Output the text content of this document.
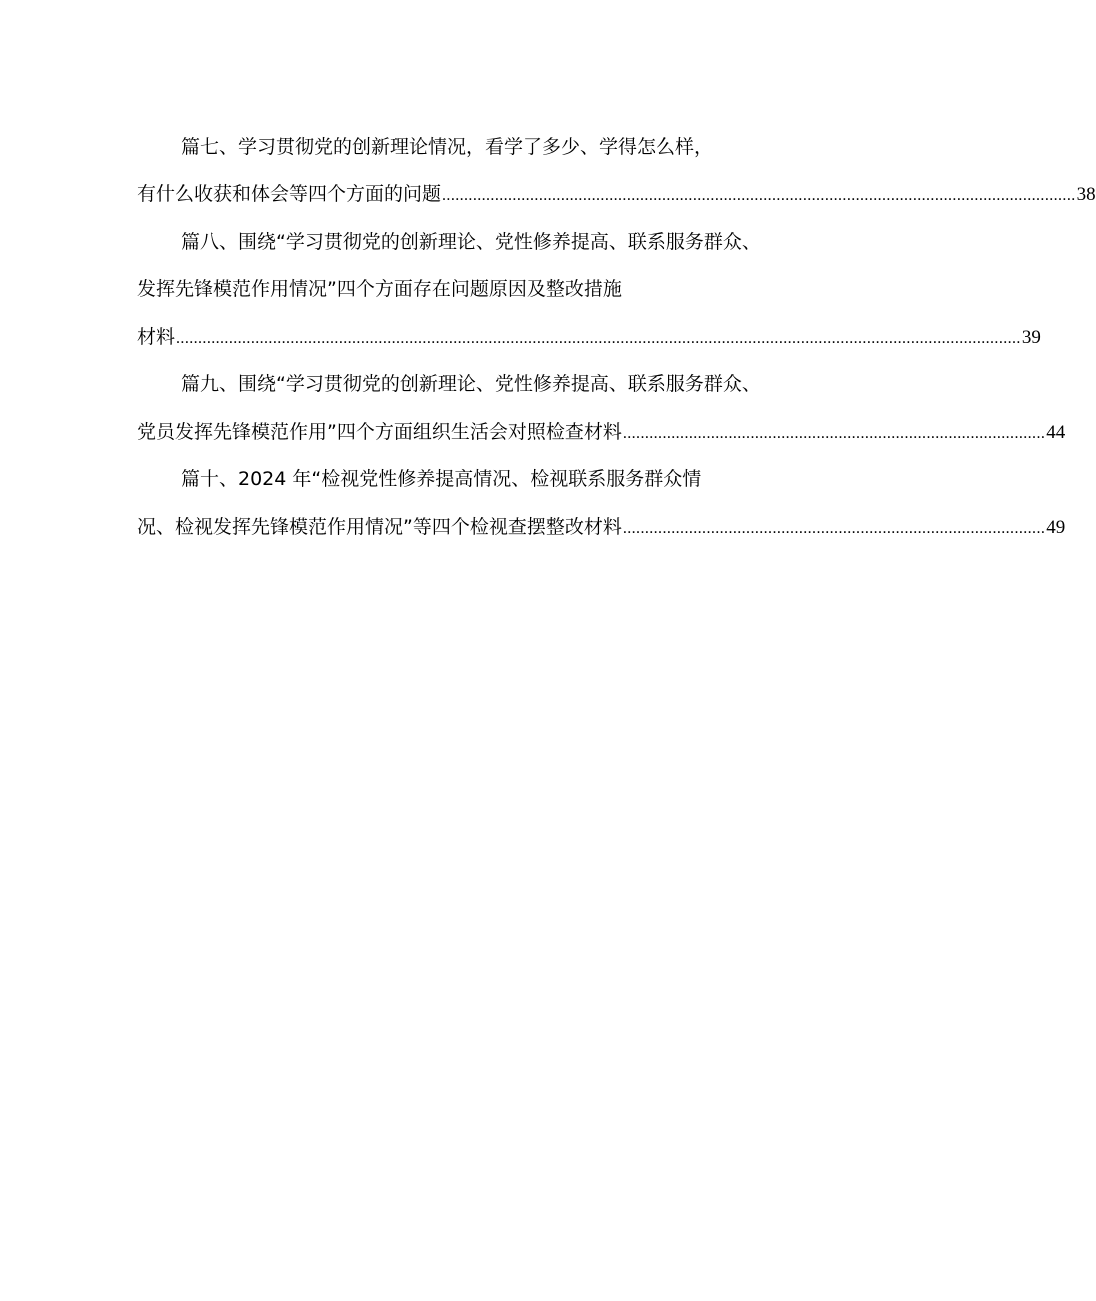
篇七、学习贯彻党的创新理论情况，看学了多少、学得怎么样，
有什么收获和体会等四个方面的问题 ................................................................................................................................................ 38
篇八、围绕“学习贯彻党的创新理论、党性修养提高、联系服务群众、
发挥先锋模范作用情况”四个方面存在问题原因及整改措施
材料 ................................................................................................................................................................................................ 39
篇九、围绕“学习贯彻党的创新理论、党性修养提高、联系服务群众、
党员发挥先锋模范作用”四个方面组织生活会对照检查材料 ................................................................................................ 44
篇十、2024 年“检视党性修养提高情况、检视联系服务群众情
况、检视发挥先锋模范作用情况”等四个检视查摆整改材料 ................................................................................................ 49
